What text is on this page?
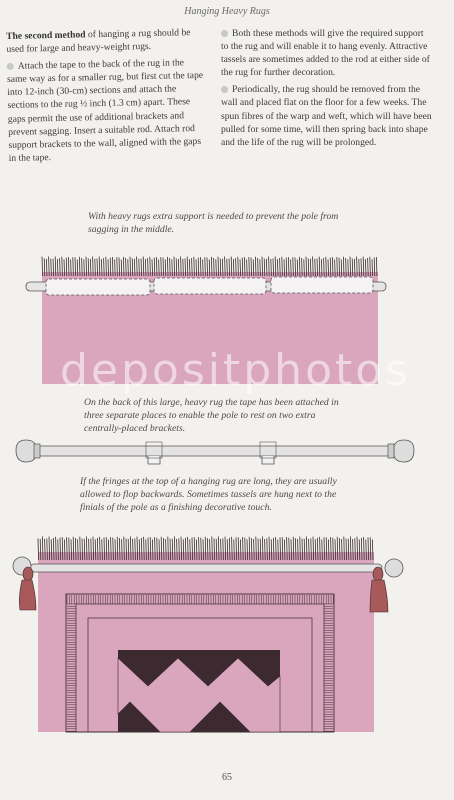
Hanging Heavy Rugs

The second method of hanging a rug should be used for large and heavy-weight rugs.

Attach the tape to the back of the rug in the same way as for a smaller rug, but first cut the tape into 12-inch (30-cm) sections and attach the sections to the rug ½ inch (1.3 cm) apart. These gaps permit the use of additional brackets and prevent sagging. Insert a suitable rod. Attach rod support brackets to the wall, aligned with the gaps in the tape.

Both these methods will give the required support to the rug and will enable it to hang evenly. Attractive tassels are sometimes added to the rod at either side of the rug for further decoration.

Periodically, the rug should be removed from the wall and placed flat on the floor for a few weeks. The spun fibres of the warp and weft, which will have been pulled for some time, will then spring back into shape and the life of the rug will be prolonged.

With heavy rugs extra support is needed to prevent the pole from sagging in the middle.
On the back of this large, heavy rug the tape has been attached in three separate places to enable the pole to rest on two extra centrally-placed brackets.
If the fringes at the top of a hanging rug are long, they are usually allowed to flop backwards. Sometimes tassels are hung next to the finials of the pole as a finishing decorative touch.
depositphotos
65
